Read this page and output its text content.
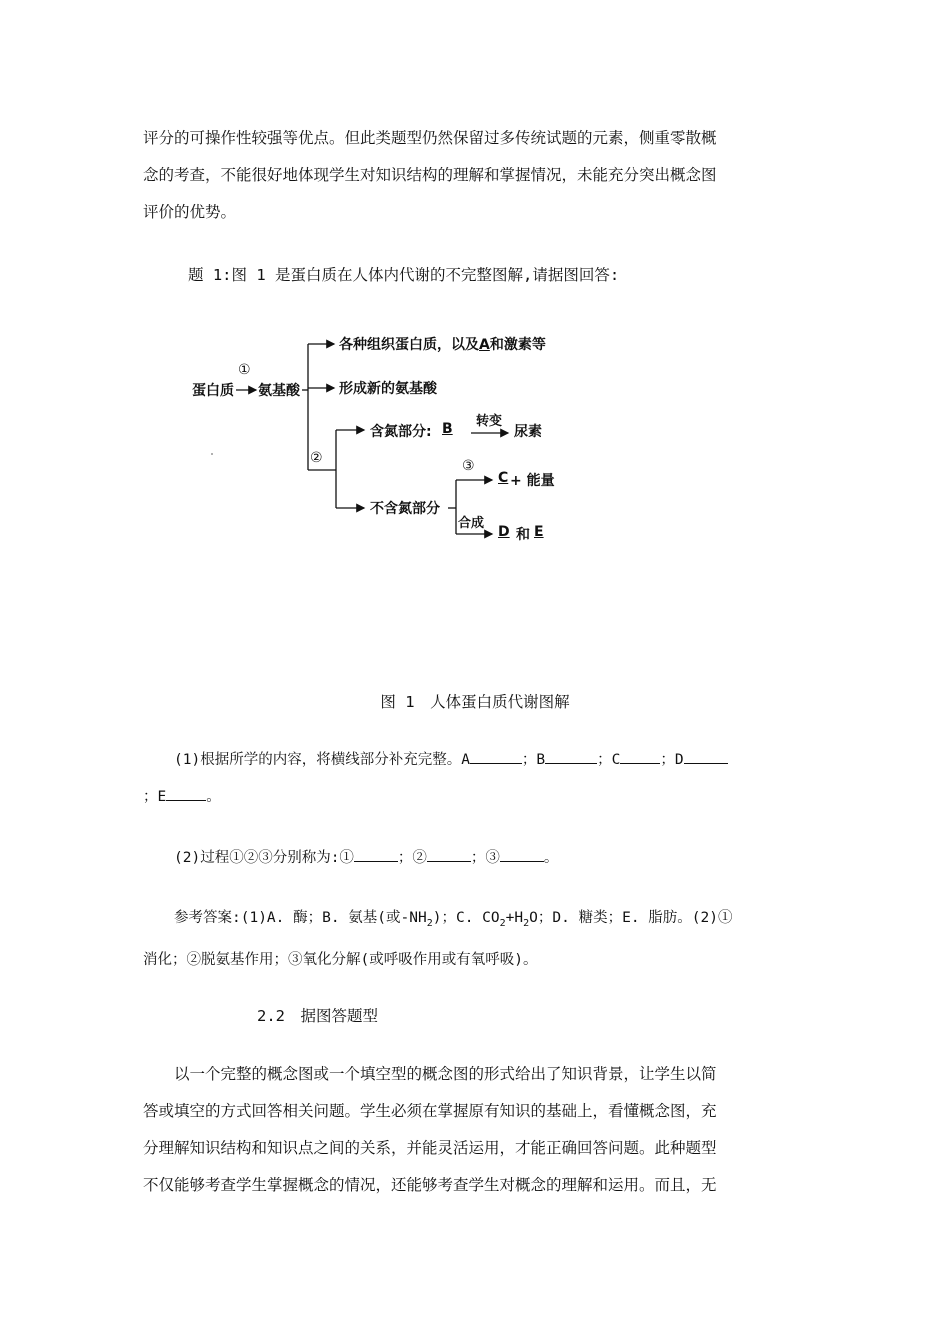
评分的可操作性较强等优点。但此类题型仍然保留过多传统试题的元素，侧重零散概
念的考查，不能很好地体现学生对知识结构的理解和掌握情况，未能充分突出概念图
评价的优势。
题 1:图 1 是蛋白质在人体内代谢的不完整图解,请据图回答:
蛋白质
①
氨基酸
各种组织蛋白质，以及A和激素等
形成新的氨基酸
②
含氮部分: B 转变
尿素
不含氮部分
③
C + 能量
合成
D 和 E
图 1　人体蛋白质代谢图解
(1)根据所学的内容，将横线部分补充完整。A	；B	；C	；D
；E	。
(2)过程①②③分别称为:①	；②	；③	。
参考答案:(1)A. 酶；B. 氨基(或$-NH_2$)；C. $CO_2+H_2O$；D. 糖类；E. 脂肪。(2)①
消化；②脱氨基作用；③氧化分解(或呼吸作用或有氧呼吸)。
2.2　据图答题型
以一个完整的概念图或一个填空型的概念图的形式给出了知识背景，让学生以简
答或填空的方式回答相关问题。学生必须在掌握原有知识的基础上，看懂概念图，充
分理解知识结构和知识点之间的关系，并能灵活运用，才能正确回答问题。此种题型
不仅能够考查学生掌握概念的情况，还能够考查学生对概念的理解和运用。而且，无
